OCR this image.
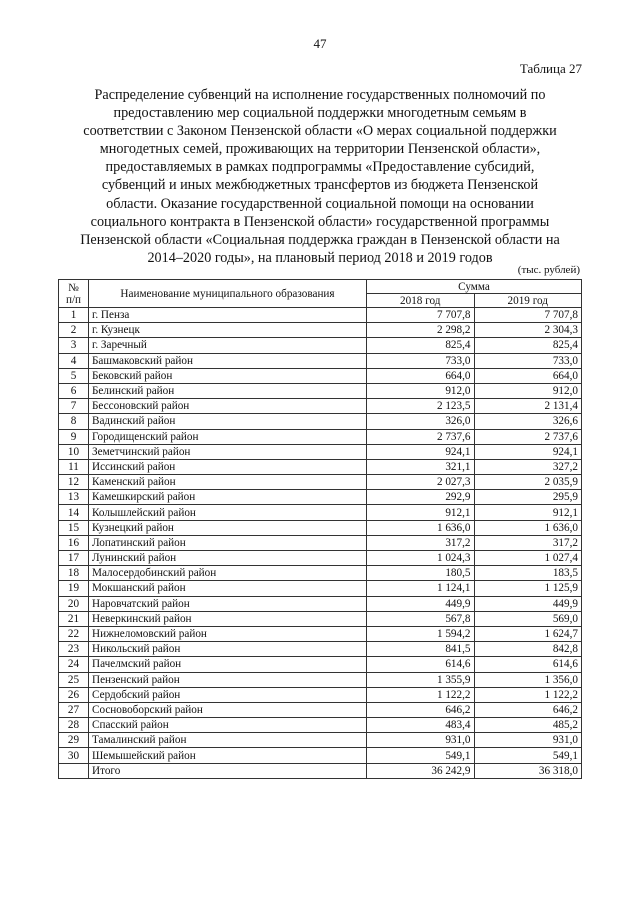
47
Таблица 27
Распределение субвенций на исполнение государственных полномочий по
предоставлению мер социальной поддержки многодетным семьям в
соответствии с Законом Пензенской области «О мерах социальной поддержки
многодетных семей, проживающих на территории Пензенской области»,
предоставляемых в рамках подпрограммы «Предоставление субсидий,
субвенций и иных межбюджетных трансфертов из бюджета Пензенской
области. Оказание государственной социальной помощи на основании
социального контракта в Пензенской области» государственной программы
Пензенской области «Социальная поддержка граждан в Пензенской области на
2014–2020 годы», на плановый период 2018 и 2019 годов
(тыс. рублей)
№
п/п	Наименование муниципального образования	Сумма	
		2018 год	2019 год
1	г. Пенза	7 707,8	7 707,8
2	г. Кузнецк	2 298,2	2 304,3
3	г. Заречный	825,4	825,4
4	Башмаковский район	733,0	733,0
5	Бековский район	664,0	664,0
6	Белинский район	912,0	912,0
7	Бессоновский район	2 123,5	2 131,4
8	Вадинский район	326,0	326,6
9	Городищенский район	2 737,6	2 737,6
10	Земетчинский район	924,1	924,1
11	Иссинский район	321,1	327,2
12	Каменский район	2 027,3	2 035,9
13	Камешкирский район	292,9	295,9
14	Колышлейский район	912,1	912,1
15	Кузнецкий район	1 636,0	1 636,0
16	Лопатинский район	317,2	317,2
17	Лунинский район	1 024,3	1 027,4
18	Малосердобинский район	180,5	183,5
19	Мокшанский район	1 124,1	1 125,9
20	Наровчатский район	449,9	449,9
21	Неверкинский район	567,8	569,0
22	Нижнеломовский район	1 594,2	1 624,7
23	Никольский район	841,5	842,8
24	Пачелмский район	614,6	614,6
25	Пензенский район	1 355,9	1 356,0
26	Сердобский район	1 122,2	1 122,2
27	Сосновоборский район	646,2	646,2
28	Спасский район	483,4	485,2
29	Тамалинский район	931,0	931,0
30	Шемышейский район	549,1	549,1
	Итого	36 242,9	36 318,0
